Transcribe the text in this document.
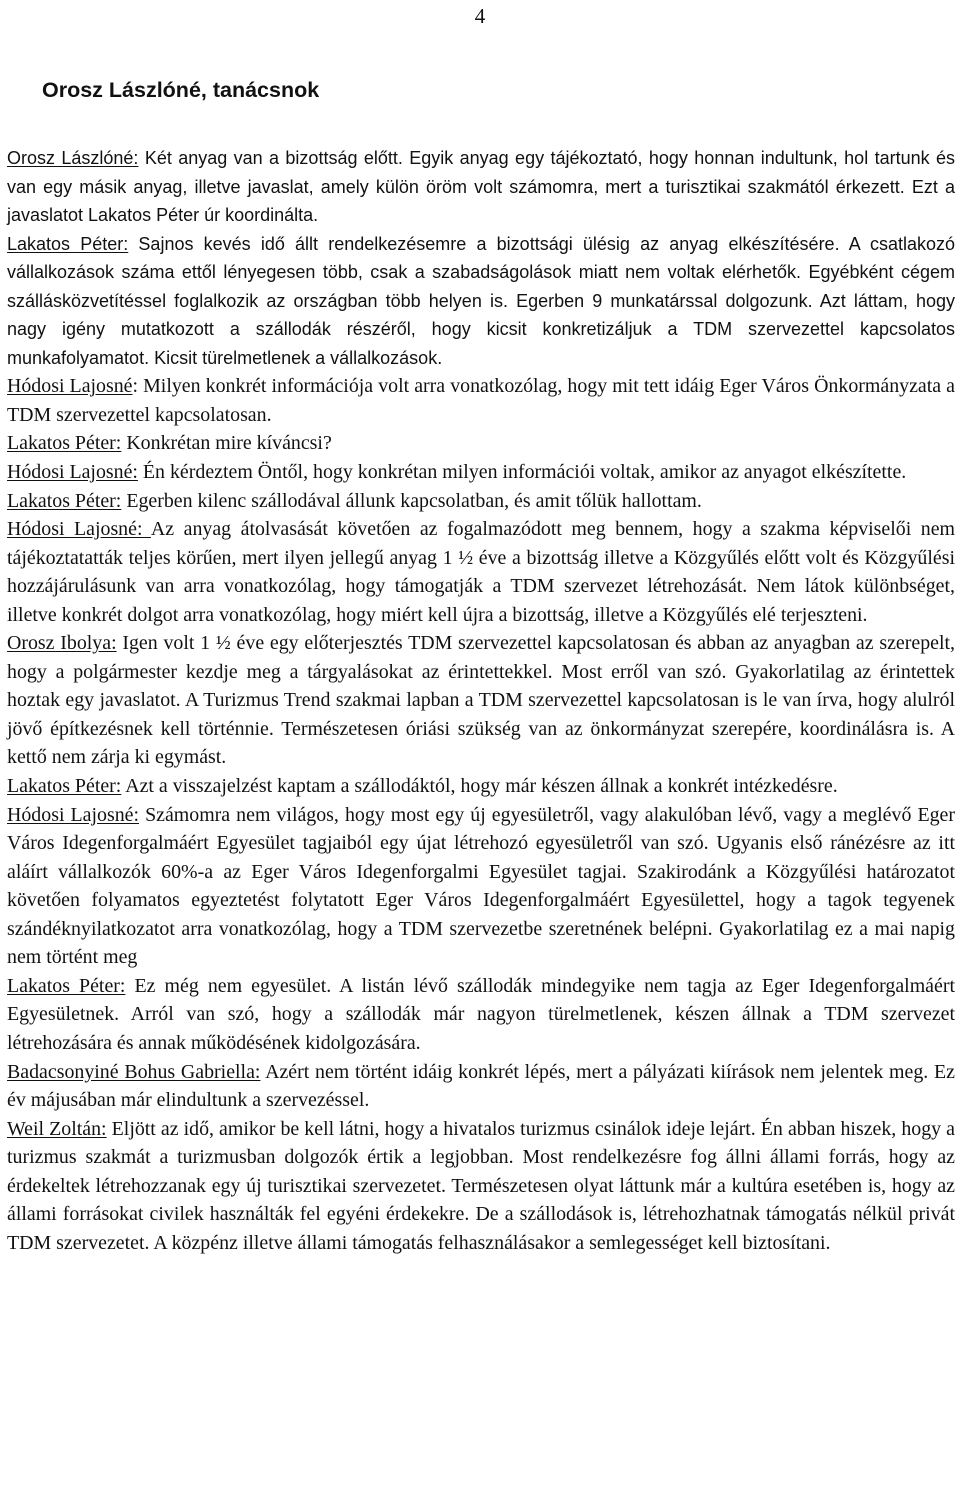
4
Orosz Lászlóné, tanácsnok

Orosz Lászlóné: Két anyag van a bizottság előtt. Egyik anyag egy tájékoztató, hogy honnan indultunk, hol tartunk és van egy másik anyag, illetve javaslat, amely külön öröm volt számomra, mert a turisztikai szakmától érkezett. Ezt a javaslatot Lakatos Péter úr koordinálta.

Lakatos Péter: Sajnos kevés idő állt rendelkezésemre a bizottsági ülésig az anyag elkészítésére. A csatlakozó vállalkozások száma ettől lényegesen több, csak a szabadságolások miatt nem voltak elérhetők. Egyébként cégem szállásközvetítéssel foglalkozik az országban több helyen is. Egerben 9 munkatárssal dolgozunk. Azt láttam, hogy nagy igény mutatkozott a szállodák részéről, hogy kicsit konkretizáljuk a TDM szervezettel kapcsolatos munkafolyamatot. Kicsit türelmetlenek a vállalkozások.

Hódosi Lajosné: Milyen konkrét információja volt arra vonatkozólag, hogy mit tett idáig Eger Város Önkormányzata a TDM szervezettel kapcsolatosan.

Lakatos Péter: Konkrétan mire kíváncsi?

Hódosi Lajosné: Én kérdeztem Öntől, hogy konkrétan milyen információi voltak, amikor az anyagot elkészítette.

Lakatos Péter: Egerben kilenc szállodával állunk kapcsolatban, és amit tőlük hallottam.

Hódosi Lajosné: Az anyag átolvasását követően az fogalmazódott meg bennem, hogy a szakma képviselői nem tájékoztatatták teljes körűen, mert ilyen jellegű anyag 1 ½ éve a bizottság illetve a Közgyűlés előtt volt és Közgyűlési hozzájárulásunk van arra vonatkozólag, hogy támogatják a TDM szervezet létrehozását. Nem látok különbséget, illetve konkrét dolgot arra vonatkozólag, hogy miért kell újra a bizottság, illetve a Közgyűlés elé terjeszteni.

Orosz Ibolya: Igen volt 1 ½ éve egy előterjesztés TDM szervezettel kapcsolatosan és abban az anyagban az szerepelt, hogy a polgármester kezdje meg a tárgyalásokat az érintettekkel. Most erről van szó. Gyakorlatilag az érintettek hoztak egy javaslatot. A Turizmus Trend szakmai lapban a TDM szervezettel kapcsolatosan is le van írva, hogy alulról jövő építkezésnek kell történnie. Természetesen óriási szükség van az önkormányzat szerepére, koordinálásra is. A kettő nem zárja ki egymást.

Lakatos Péter: Azt a visszajelzést kaptam a szállodáktól, hogy már készen állnak a konkrét intézkedésre.

Hódosi Lajosné: Számomra nem világos, hogy most egy új egyesületről, vagy alakulóban lévő, vagy a meglévő Eger Város Idegenforgalmáért Egyesület tagjaiból egy újat létrehozó egyesületről van szó. Ugyanis első ránézésre az itt aláírt vállalkozók 60%-a az Eger Város Idegenforgalmi Egyesület tagjai. Szakirodánk a Közgyűlési határozatot követően folyamatos egyeztetést folytatott Eger Város Idegenforgalmáért Egyesülettel, hogy a tagok tegyenek szándéknyilatkozatot arra vonatkozólag, hogy a TDM szervezetbe szeretnének belépni. Gyakorlatilag ez a mai napig nem történt meg

Lakatos Péter: Ez még nem egyesület. A listán lévő szállodák mindegyike nem tagja az Eger Idegenforgalmáért Egyesületnek. Arról van szó, hogy a szállodák már nagyon türelmetlenek, készen állnak a TDM szervezet létrehozására és annak működésének kidolgozására.

Badacsonyiné Bohus Gabriella: Azért nem történt idáig konkrét lépés, mert a pályázati kiírások nem jelentek meg. Ez év májusában már elindultunk a szervezéssel.

Weil Zoltán: Eljött az idő, amikor be kell látni, hogy a hivatalos turizmus csinálok ideje lejárt. Én abban hiszek, hogy a turizmus szakmát a turizmusban dolgozók értik a legjobban. Most rendelkezésre fog állni állami forrás, hogy az érdekeltek létrehozzanak egy új turisztikai szervezetet. Természetesen olyat láttunk már a kultúra esetében is, hogy az állami forrásokat civilek használták fel egyéni érdekekre. De a szállodások is, létrehozhatnak támogatás nélkül privát TDM szervezetet. A közpénz illetve állami támogatás felhasználásakor a semlegességet kell biztosítani.
